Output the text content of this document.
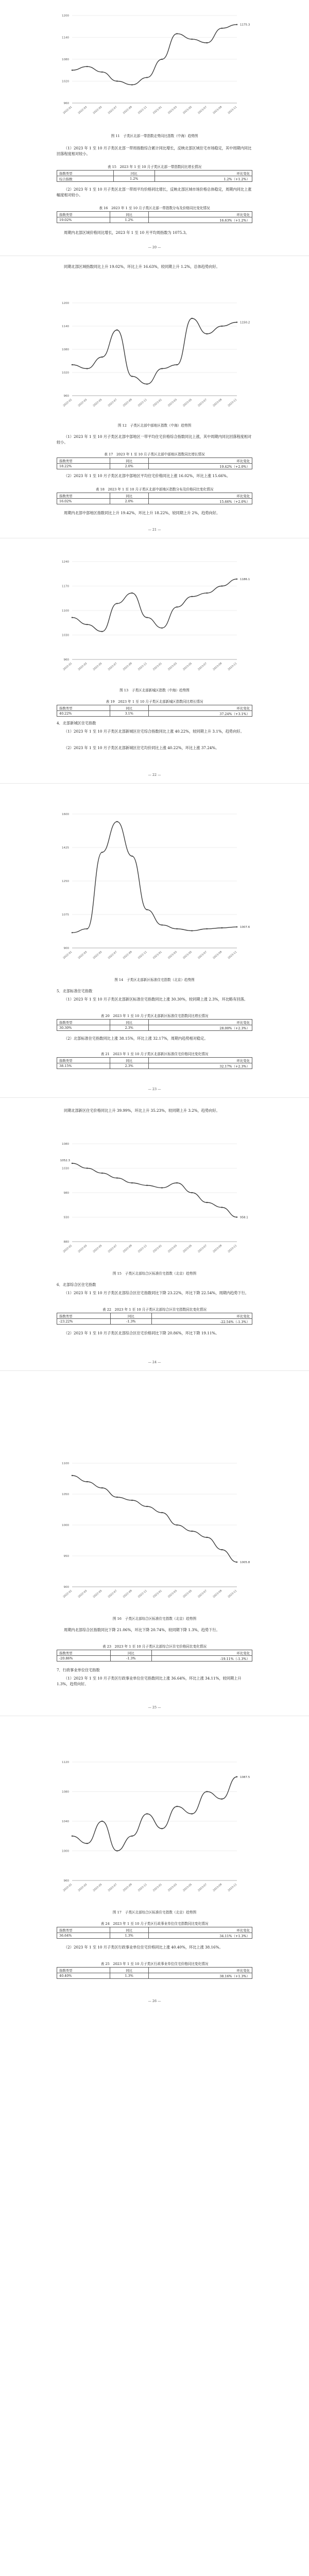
960
1020
1080
1140
1200
2022-01 2022-03 2022-05 2022-07 2022-09 2022-11 2023-01 2023-03 2023-05 2023-07 2023-09 2023-11
1175.3
图 11　子类区北部一带指数走势同比指数（中海）趋势图

（1）2023 年 1 至 10 月子类区北部一带周指数综合累计同比增长，反映北部区域住宅市场稳定，其中周期内同比回落程度相对较小。

表 15　2023 年 1 至 10 月子类区北部一带指数同比增长情况
指数类型	同比	环比变化
综合指数	1.2%	1.2%（+1.2%）

（2）2023 年 1 至 10 月子类区北部一带周平均价格同比增长，反映北部区域市场价格总体稳定，周期内同比上涨幅度相对较小。

表 16　2023 年 1 至 10 月子类区北部一带指数分布及价格同比变化情况
指数类型	同比	环比变化
19.02%	1.2%	16.63%（+1.2%）

周期内北部区域价格同比增长，2023 年 1 至 10 月平均周指数为 1075.3。

— 20 —

同期北部区域指数同比上升 19.02%，环比上升 16.63%，较同期上升 1.2%，总体趋势向好。

960
1020
1080
1140
1200
2022-01 2022-03 2022-05 2022-07 2022-09 2022-11 2023-01 2023-03 2023-05 2023-07 2023-09 2023-11
1150.2
图 12　子类区北部中部地区指数（中海）趋势图

（1）2023 年 1 至 10 月子类区北部中部地区一带平均住宅价格综合指数同比上涨，其中周期内同比回落程度相对较小。

表 17　2023 年 1 至 10 月子类区北部中部地区指数同比增长情况
指数类型	同比	环比变化
18.22%	2.0%	19.42%（+2.0%）

（2）2023 年 1 至 10 月子类区北部中部地区平均住宅价格同比上涨 16.02%，环比上涨 15.66%。

表 18　2023 年 1 至 10 月子类区北部中部地区指数分布及价格同比变化情况
指数类型	同比	环比变化
16.02%	2.0%	15.66%（+2.0%）

周期内北部中部地区指数同比上升 19.42%，环比上升 18.22%，较同期上升 2%，趋势向好。

— 21 —
960
1030
1100
1170
1240
2022-01 2022-03 2022-05 2022-07 2022-09 2022-11 2023-01 2023-03 2023-05 2023-07 2023-09 2023-11
1186.1
图 13　子类区北部新城区指数（中海）趋势图
表 19　2023 年 1 至 10 月子类区北部新城区指数同比增长情况
指数类型	同比	环比变化
40.22%	3.1%	37.24%（+3.1%）

4．北部新城区住宅指数

（1）2023 年 1 至 10 月子类区北部新城区住宅综合指数同比上涨 40.22%，较同期上升 3.1%，趋势向好。

（2）2023 年 1 至 10 月子类区北部新城区住宅均价同比上涨 40.22%，环比上涨 37.24%。

— 22 —
900
1075
1250
1425
1600
2022-01 2022-03 2022-05 2022-07 2022-09 2022-11 2023-01 2023-03 2023-05 2023-07 2023-09 2023-11
1007.6
图 14　子类区北部新区标准住宅指数（北京）趋势图

5．北部标准住宅指数

（1）2023 年 1 至 10 月子类区北部新区标准住宅指数同比上涨 30.30%，较同期上涨 2.3%，环比略有回落。

表 20　2023 年 1 至 10 月子类区北部新区标准住宅指数同比增长情况
指数类型	同比	环比变化
30.30%	2.3%	28.00%（+2.3%）

（2）北部标准住宅指数同比上涨 38.15%，环比上涨 32.17%，周期内趋势相对稳定。

表 21　2023 年 1 至 10 月子类区北部新区标准住宅价格同比变化情况
指数类型	同比	环比变化
38.15%	2.3%	32.17%（+2.3%）
— 23 —

同期北部新区住宅价格同比上升 39.99%，环比上升 35.23%，较同期上升 3.2%，趋势向好。

880
930
980
1030
1080
2022-01 2022-03 2022-05 2022-07 2022-09 2022-11 2023-01 2023-03 2023-05 2023-07 2023-09 2023-11
958.1
1052.3
图 15　子类区北部综合区标准住宅指数（北京）趋势图

6．北部综合区住宅指数

（1）2023 年 1 至 10 月子类区北部综合区住宅指数同比下降 23.22%，环比下降 22.54%，周期内趋势下行。

表 22　2023 年 1 至 10 月子类区北部综合区住宅指数同比变化情况
指数类型	同比	环比变化
-23.22%	-1.3%	-22.54%（-1.3%）

（2）2023 年 1 至 10 月子类区北部综合区住宅价格同比下降 20.86%，环比下降 19.11%。

— 24 —
900
950
1000
1050
1100
2022-01 2022-03 2022-05 2022-07 2022-09 2022-11 2023-01 2023-03 2023-05 2023-07 2023-09 2023-11
1005.8
图 16　子类区北部综合区标准住宅指数（北京）趋势图

周期内北部综合区指数同比下降 21.06%，环比下降 20.74%，较同期下降 1.3%，趋势下行。

表 23　2023 年 1 至 10 月子类区北部综合区住宅价格同比变化情况
指数类型	同比	环比变化
-20.86%	-1.3%	-19.11%（-1.3%）

7．行政事业单位住宅指数

（1）2023 年 1 至 10 月子类区行政事业单位住宅指数同比上涨 36.64%，环比上涨 34.11%，较同期上升 1.3%，趋势向好。

— 25 —
960
1000
1040
1080
1120
2022-01 2022-03 2022-05 2022-07 2022-09 2022-11 2023-01 2023-03 2023-05 2023-07 2023-09 2023-11
1087.5
图 17　子类区北部综合区标准住宅指数（北京）趋势图
表 24　2023 年 1 至 10 月子类区行政事业单位住宅指数同比变化情况
指数类型	同比	环比变化
36.64%	1.3%	34.11%（+1.3%）

（2）2023 年 1 至 10 月子类区行政事业单位住宅价格同比上涨 40.40%，环比上涨 38.16%。

表 25　2023 年 1 至 10 月子类区行政事业单位住宅价格同比变化情况
指数类型	同比	环比变化
40.40%	1.3%	38.16%（+1.3%）
— 26 —
